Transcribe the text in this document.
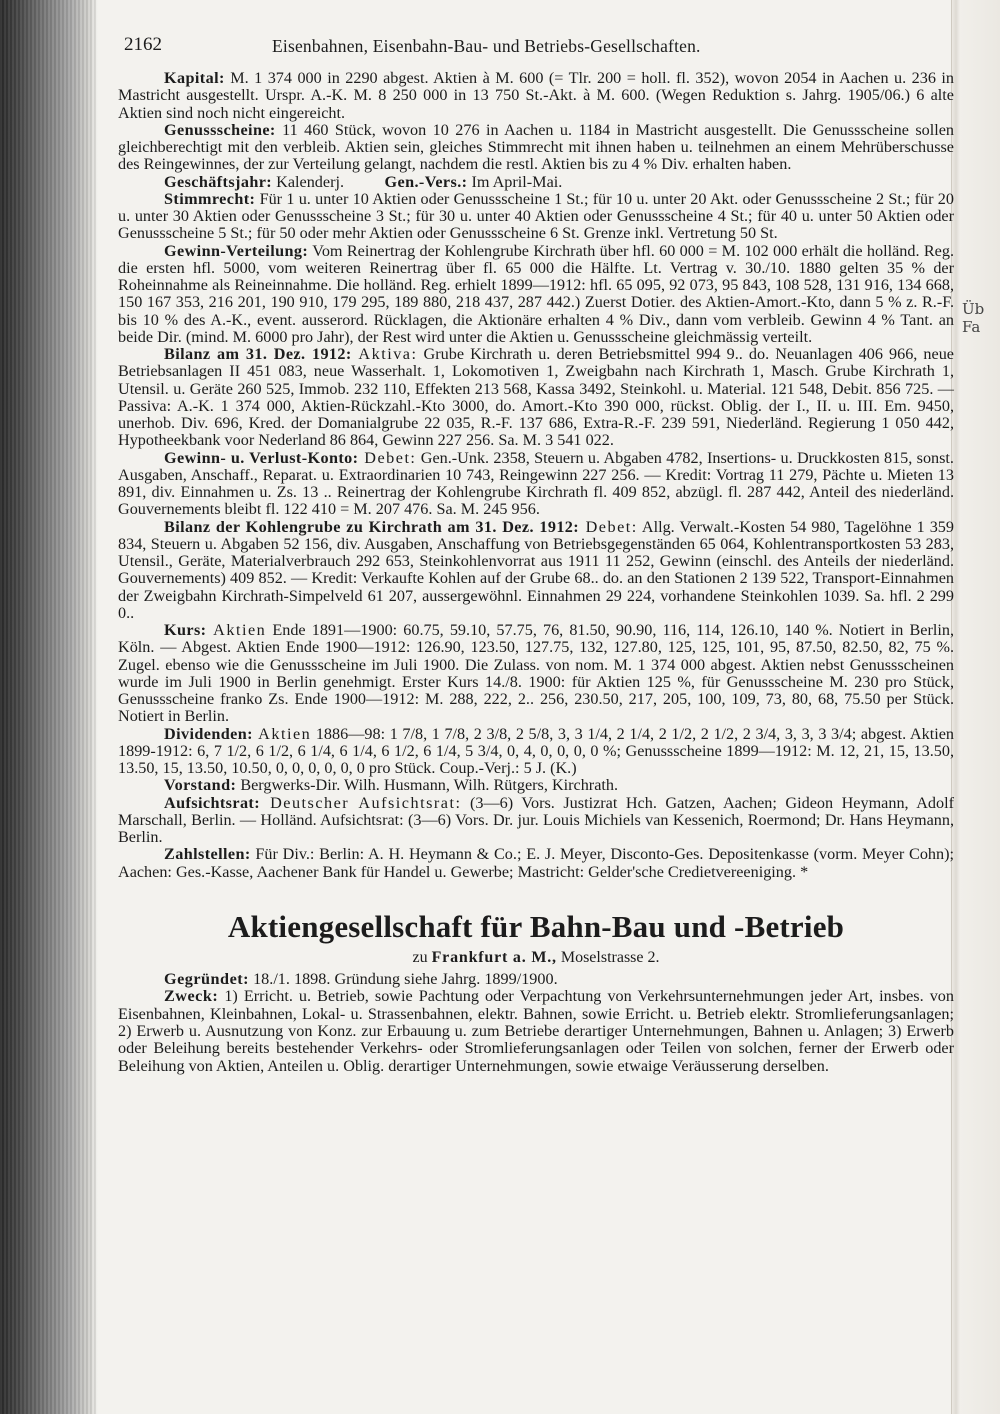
Üb
Fa
2162	Eisenbahnen, Eisenbahn-Bau- und Betriebs-Gesellschaften.

Kapital: M. 1 374 000 in 2290 abgest. Aktien à M. 600 (= Tlr. 200 = holl. fl. 352), wovon 2054 in Aachen u. 236 in Mastricht ausgestellt. Urspr. A.-K. M. 8 250 000 in 13 750 St.-Akt. à M. 600. (Wegen Reduktion s. Jahrg. 1905/06.) 6 alte Aktien sind noch nicht eingereicht.

Genussscheine: 11 460 Stück, wovon 10 276 in Aachen u. 1184 in Mastricht ausgestellt. Die Genussscheine sollen gleichberechtigt mit den verbleib. Aktien sein, gleiches Stimmrecht mit ihnen haben u. teilnehmen an einem Mehrüberschusse des Reingewinnes, der zur Verteilung gelangt, nachdem die restl. Aktien bis zu 4 % Div. erhalten haben.

Geschäftsjahr: Kalenderj.          Gen.-Vers.: Im April-Mai.

Stimmrecht: Für 1 u. unter 10 Aktien oder Genussscheine 1 St.; für 10 u. unter 20 Akt. oder Genussscheine 2 St.; für 20 u. unter 30 Aktien oder Genussscheine 3 St.; für 30 u. unter 40 Aktien oder Genussscheine 4 St.; für 40 u. unter 50 Aktien oder Genussscheine 5 St.; für 50 oder mehr Aktien oder Genussscheine 6 St. Grenze inkl. Vertretung 50 St.

Gewinn-Verteilung: Vom Reinertrag der Kohlengrube Kirchrath über hfl. 60 000 = M. 102 000 erhält die holländ. Reg. die ersten hfl. 5000, vom weiteren Reinertrag über fl. 65 000 die Hälfte. Lt. Vertrag v. 30./10. 1880 gelten 35 % der Roheinnahme als Reineinnahme. Die holländ. Reg. erhielt 1899—1912: hfl. 65 095, 92 073, 95 843, 108 528, 131 916, 134 668, 150 167 353, 216 201, 190 910, 179 295, 189 880, 218 437, 287 442.) Zuerst Dotier. des Aktien-Amort.-Kto, dann 5 % z. R.-F. bis 10 % des A.-K., event. ausserord. Rücklagen, die Aktionäre erhalten 4 % Div., dann vom verbleib. Gewinn 4 % Tant. an beide Dir. (mind. M. 6000 pro Jahr), der Rest wird unter die Aktien u. Genussscheine gleichmässig verteilt.

Bilanz am 31. Dez. 1912: Aktiva: Grube Kirchrath u. deren Betriebsmittel 994 9.. do. Neuanlagen 406 966, neue Betriebsanlagen II 451 083, neue Wasserhalt. 1, Lokomotiven 1, Zweigbahn nach Kirchrath 1, Masch. Grube Kirchrath 1, Utensil. u. Geräte 260 525, Immob. 232 110, Effekten 213 568, Kassa 3492, Steinkohl. u. Material. 121 548, Debit. 856 725. — Passiva: A.-K. 1 374 000, Aktien-Rückzahl.-Kto 3000, do. Amort.-Kto 390 000, rückst. Oblig. der I., II. u. III. Em. 9450, unerhob. Div. 696, Kred. der Domanialgrube 22 035, R.-F. 137 686, Extra-R.-F. 239 591, Niederländ. Regierung 1 050 442, Hypotheekbank voor Nederland 86 864, Gewinn 227 256. Sa. M. 3 541 022.

Gewinn- u. Verlust-Konto: Debet: Gen.-Unk. 2358, Steuern u. Abgaben 4782, Insertions- u. Druckkosten 815, sonst. Ausgaben, Anschaff., Reparat. u. Extraordinarien 10 743, Reingewinn 227 256. — Kredit: Vortrag 11 279, Pächte u. Mieten 13 891, div. Einnahmen u. Zs. 13 .. Reinertrag der Kohlengrube Kirchrath fl. 409 852, abzügl. fl. 287 442, Anteil des niederländ. Gouvernements bleibt fl. 122 410 = M. 207 476. Sa. M. 245 956.

Bilanz der Kohlengrube zu Kirchrath am 31. Dez. 1912: Debet: Allg. Verwalt.-Kosten 54 980, Tagelöhne 1 359 834, Steuern u. Abgaben 52 156, div. Ausgaben, Anschaffung von Betriebsgegenständen 65 064, Kohlentransportkosten 53 283, Utensil., Geräte, Materialverbrauch 292 653, Steinkohlenvorrat aus 1911 11 252, Gewinn (einschl. des Anteils der niederländ. Gouvernements) 409 852. — Kredit: Verkaufte Kohlen auf der Grube 68.. do. an den Stationen 2 139 522, Transport-Einnahmen der Zweigbahn Kirchrath-Simpelveld 61 207, aussergewöhnl. Einnahmen 29 224, vorhandene Steinkohlen 1039. Sa. hfl. 2 299 0..

Kurs: Aktien Ende 1891—1900: 60.75, 59.10, 57.75, 76, 81.50, 90.90, 116, 114, 126.10, 140 %. Notiert in Berlin, Köln. — Abgest. Aktien Ende 1900—1912: 126.90, 123.50, 127.75, 132, 127.80, 125, 125, 101, 95, 87.50, 82.50, 82, 75 %. Zugel. ebenso wie die Genussscheine im Juli 1900. Die Zulass. von nom. M. 1 374 000 abgest. Aktien nebst Genussscheinen wurde im Juli 1900 in Berlin genehmigt. Erster Kurs 14./8. 1900: für Aktien 125 %, für Genussscheine M. 230 pro Stück, Genussscheine franko Zs. Ende 1900—1912: M. 288, 222, 2.. 256, 230.50, 217, 205, 100, 109, 73, 80, 68, 75.50 per Stück. Notiert in Berlin.

Dividenden: Aktien 1886—98: 1 7/8, 1 7/8, 2 3/8, 2 5/8, 3, 3 1/4, 2 1/4, 2 1/2, 2 1/2, 2 3/4, 3, 3, 3 3/4; abgest. Aktien 1899-1912: 6, 7 1/2, 6 1/2, 6 1/4, 6 1/4, 6 1/2, 6 1/4, 5 3/4, 0, 4, 0, 0, 0, 0 %; Genussscheine 1899—1912: M. 12, 21, 15, 13.50, 13.50, 15, 13.50, 10.50, 0, 0, 0, 0, 0, 0 pro Stück. Coup.-Verj.: 5 J. (K.)

Vorstand: Bergwerks-Dir. Wilh. Husmann, Wilh. Rütgers, Kirchrath.

Aufsichtsrat: Deutscher Aufsichtsrat: (3—6) Vors. Justizrat Hch. Gatzen, Aachen; Gideon Heymann, Adolf Marschall, Berlin. — Holländ. Aufsichtsrat: (3—6) Vors. Dr. jur. Louis Michiels van Kessenich, Roermond; Dr. Hans Heymann, Berlin.

Zahlstellen: Für Div.: Berlin: A. H. Heymann & Co.; E. J. Meyer, Disconto-Ges. Depositenkasse (vorm. Meyer Cohn); Aachen: Ges.-Kasse, Aachener Bank für Handel u. Gewerbe; Mastricht: Gelder'sche Credietvereeniging. *

Aktiengesellschaft für Bahn-Bau und -Betrieb
zu Frankfurt a. M., Moselstrasse 2.

Gegründet: 18./1. 1898. Gründung siehe Jahrg. 1899/1900.

Zweck: 1) Erricht. u. Betrieb, sowie Pachtung oder Verpachtung von Verkehrsunternehmungen jeder Art, insbes. von Eisenbahnen, Kleinbahnen, Lokal- u. Strassenbahnen, elektr. Bahnen, sowie Erricht. u. Betrieb elektr. Stromlieferungsanlagen; 2) Erwerb u. Ausnutzung von Konz. zur Erbauung u. zum Betriebe derartiger Unternehmungen, Bahnen u. Anlagen; 3) Erwerb oder Beleihung bereits bestehender Verkehrs- oder Stromlieferungsanlagen oder Teilen von solchen, ferner der Erwerb oder Beleihung von Aktien, Anteilen u. Oblig. derartiger Unternehmungen, sowie etwaige Veräusserung derselben.
